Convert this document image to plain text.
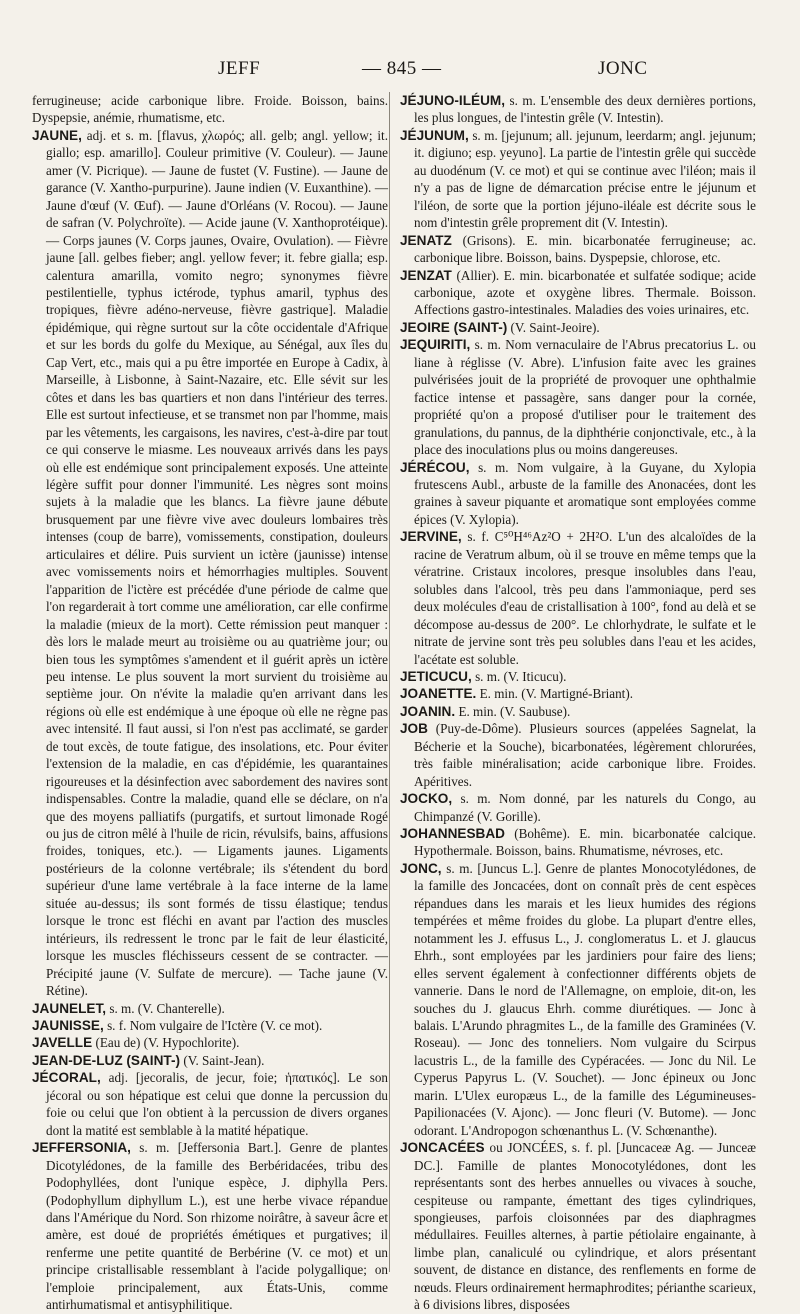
JEFF	— 845 —	JONC

ferrugineuse; acide carbonique libre. Froide. Boisson, bains. Dyspepsie, anémie, rhumatisme, etc.

JAUNE, adj. et s. m. [flavus, χλωρός; all. gelb; angl. yellow; it. giallo; esp. amarillo]. Couleur primitive (V. Couleur). — Jaune amer (V. Picrique). — Jaune de fustet (V. Fustine). — Jaune de garance (V. Xantho-purpurine). Jaune indien (V. Euxanthine). — Jaune d'œuf (V. Œuf). — Jaune d'Orléans (V. Rocou). — Jaune de safran (V. Polychroïte). — Acide jaune (V. Xanthoprotéique). — Corps jaunes (V. Corps jaunes, Ovaire, Ovulation). — Fièvre jaune [all. gelbes fieber; angl. yellow fever; it. febre gialla; esp. calentura amarilla, vomito negro; synonymes fièvre pestilentielle, typhus ictérode, typhus amaril, typhus des tropiques, fièvre adéno-nerveuse, fièvre gastrique]. Maladie épidémique, qui règne surtout sur la côte occidentale d'Afrique et sur les bords du golfe du Mexique, au Sénégal, aux îles du Cap Vert, etc., mais qui a pu être importée en Europe à Cadix, à Marseille, à Lisbonne, à Saint-Nazaire, etc. Elle sévit sur les côtes et dans les bas quartiers et non dans l'intérieur des terres. Elle est surtout infectieuse, et se transmet non par l'homme, mais par les vêtements, les cargaisons, les navires, c'est-à-dire par tout ce qui conserve le miasme. Les nouveaux arrivés dans les pays où elle est endémique sont principalement exposés. Une atteinte légère suffit pour donner l'immunité. Les nègres sont moins sujets à la maladie que les blancs. La fièvre jaune débute brusquement par une fièvre vive avec douleurs lombaires très intenses (coup de barre), vomissements, constipation, douleurs articulaires et délire. Puis survient un ictère (jaunisse) intense avec vomissements noirs et hémorrhagies multiples. Souvent l'apparition de l'ictère est précédée d'une période de calme que l'on regarderait à tort comme une amélioration, car elle confirme la maladie (mieux de la mort). Cette rémission peut manquer : dès lors le malade meurt au troisième ou au quatrième jour; ou bien tous les symptômes s'amendent et il guérit après un ictère peu intense. Le plus souvent la mort survient du troisième au septième jour. On n'évite la maladie qu'en arrivant dans les régions où elle est endémique à une époque où elle ne règne pas avec intensité. Il faut aussi, si l'on n'est pas acclimaté, se garder de tout excès, de toute fatigue, des insolations, etc. Pour éviter l'extension de la maladie, en cas d'épidémie, les quarantaines rigoureuses et la désinfection avec sabordement des navires sont indispensables. Contre la maladie, quand elle se déclare, on n'a que des moyens palliatifs (purgatifs, et surtout limonade Rogé ou jus de citron mêlé à l'huile de ricin, révulsifs, bains, affusions froides, toniques, etc.). — Ligaments jaunes. Ligaments postérieurs de la colonne vertébrale; ils s'étendent du bord supérieur d'une lame vertébrale à la face interne de la lame située au-dessus; ils sont formés de tissu élastique; tendus lorsque le tronc est fléchi en avant par l'action des muscles intérieurs, ils redressent le tronc par le fait de leur élasticité, lorsque les muscles fléchisseurs cessent de se contracter. — Précipité jaune (V. Sulfate de mercure). — Tache jaune (V. Rétine).

JAUNELET, s. m. (V. Chanterelle).

JAUNISSE, s. f. Nom vulgaire de l'Ictère (V. ce mot).

JAVELLE (Eau de) (V. Hypochlorite).

JEAN-DE-LUZ (SAINT-) (V. Saint-Jean).

JÉCORAL, adj. [jecoralis, de jecur, foie; ἡπατικός]. Le son jécoral ou son hépatique est celui que donne la percussion du foie ou celui que l'on obtient à la percussion de divers organes dont la matité est semblable à la matité hépatique.

JEFFERSONIA, s. m. [Jeffersonia Bart.]. Genre de plantes Dicotylédones, de la famille des Berbéridacées, tribu des Podophyllées, dont l'unique espèce, J. diphylla Pers. (Podophyllum diphyllum L.), est une herbe vivace répandue dans l'Amérique du Nord. Son rhizome noirâtre, à saveur âcre et amère, est doué de propriétés émétiques et purgatives; il renferme une petite quantité de Berbérine (V. ce mot) et un principe cristallisable ressemblant à l'acide polygallique; on l'emploie principalement, aux États-Unis, comme antirhumatismal et antisyphilitique.

JÉJUNO-ILÉUM, s. m. L'ensemble des deux dernières portions, les plus longues, de l'intestin grêle (V. Intestin).

JÉJUNUM, s. m. [jejunum; all. jejunum, leerdarm; angl. jejunum; it. digiuno; esp. yeyuno]. La partie de l'intestin grêle qui succède au duodénum (V. ce mot) et qui se continue avec l'iléon; mais il n'y a pas de ligne de démarcation précise entre le jéjunum et l'iléon, de sorte que la portion jéjuno-iléale est décrite sous le nom d'intestin grêle proprement dit (V. Intestin).

JENATZ (Grisons). E. min. bicarbonatée ferrugineuse; ac. carbonique libre. Boisson, bains. Dyspepsie, chlorose, etc.

JENZAT (Allier). E. min. bicarbonatée et sulfatée sodique; acide carbonique, azote et oxygène libres. Thermale. Boisson. Affections gastro-intestinales. Maladies des voies urinaires, etc.

JEOIRE (SAINT-) (V. Saint-Jeoire).

JEQUIRITI, s. m. Nom vernaculaire de l'Abrus precatorius L. ou liane à réglisse (V. Abre). L'infusion faite avec les graines pulvérisées jouit de la propriété de provoquer une ophthalmie factice intense et passagère, sans danger pour la cornée, propriété qu'on a proposé d'utiliser pour le traitement des granulations, du pannus, de la diphthérie conjonctivale, etc., à la place des inoculations plus ou moins dangereuses.

JÉRÉCOU, s. m. Nom vulgaire, à la Guyane, du Xylopia frutescens Aubl., arbuste de la famille des Anonacées, dont les graines à saveur piquante et aromatique sont employées comme épices (V. Xylopia).

JERVINE, s. f. C⁵⁰H⁴⁶Az²O + 2H²O. L'un des alcaloïdes de la racine de Veratrum album, où il se trouve en même temps que la vératrine. Cristaux incolores, presque insolubles dans l'eau, solubles dans l'alcool, très peu dans l'ammoniaque, perd ses deux molécules d'eau de cristallisation à 100°, fond au delà et se décompose au-dessus de 200°. Le chlorhydrate, le sulfate et le nitrate de jervine sont très peu solubles dans l'eau et les acides, l'acétate est soluble.

JETICUCU, s. m. (V. Iticucu).

JOANETTE. E. min. (V. Martigné-Briant).

JOANIN. E. min. (V. Saubuse).

JOB (Puy-de-Dôme). Plusieurs sources (appelées Sagnelat, la Bécherie et la Souche), bicarbonatées, légèrement chlorurées, très faible minéralisation; acide carbonique libre. Froides. Apéritives.

JOCKO, s. m. Nom donné, par les naturels du Congo, au Chimpanzé (V. Gorille).

JOHANNESBAD (Bohême). E. min. bicarbonatée calcique. Hypothermale. Boisson, bains. Rhumatisme, névroses, etc.

JONC, s. m. [Juncus L.]. Genre de plantes Monocotylédones, de la famille des Joncacées, dont on connaît près de cent espèces répandues dans les marais et les lieux humides des régions tempérées et même froides du globe. La plupart d'entre elles, notamment les J. effusus L., J. conglomeratus L. et J. glaucus Ehrh., sont employées par les jardiniers pour faire des liens; elles servent également à confectionner différents objets de vannerie. Dans le nord de l'Allemagne, on emploie, dit-on, les souches du J. glaucus Ehrh. comme diurétiques. — Jonc à balais. L'Arundo phragmites L., de la famille des Graminées (V. Roseau). — Jonc des tonneliers. Nom vulgaire du Scirpus lacustris L., de la famille des Cypéracées. — Jonc du Nil. Le Cyperus Papyrus L. (V. Souchet). — Jonc épineux ou Jonc marin. L'Ulex europæus L., de la famille des Légumineuses-Papilionacées (V. Ajonc). — Jonc fleuri (V. Butome). — Jonc odorant. L'Andropogon schœnanthus L. (V. Schœnanthe).

JONCACÉES ou JONCÉES, s. f. pl. [Juncaceæ Ag. — Junceæ DC.]. Famille de plantes Monocotylédones, dont les représentants sont des herbes annuelles ou vivaces à souche, cespiteuse ou rampante, émettant des tiges cylindriques, spongieuses, parfois cloisonnées par des diaphragmes médullaires. Feuilles alternes, à partie pétiolaire engainante, à limbe plan, canaliculé ou cylindrique, et alors présentant souvent, de distance en distance, des renflements en forme de nœuds. Fleurs ordinairement hermaphrodites; périanthe scarieux, à 6 divisions libres, disposées
